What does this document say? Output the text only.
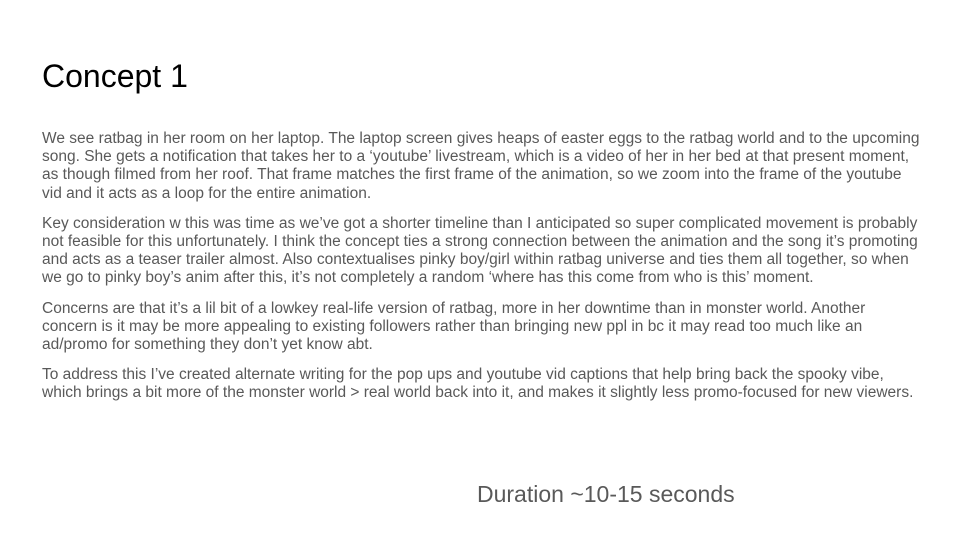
Concept 1

We see ratbag in her room on her laptop. The laptop screen gives heaps of easter eggs to the ratbag world and to the upcoming song. She gets a notification that takes her to a ‘youtube’ livestream, which is a video of her in her bed at that present moment, as though filmed from her roof. That frame matches the first frame of the animation, so we zoom into the frame of the youtube vid and it acts as a loop for the entire animation.

Key consideration w this was time as we’ve got a shorter timeline than I anticipated so super complicated movement is probably not feasible for this unfortunately. I think the concept ties a strong connection between the animation and the song it’s promoting and acts as a teaser trailer almost. Also contextualises pinky boy/girl within ratbag universe and ties them all together, so when we go to pinky boy’s anim after this, it’s not completely a random ‘where has this come from who is this’ moment.

Concerns are that it’s a lil bit of a lowkey real-life version of ratbag, more in her downtime than in monster world. Another concern is it may be more appealing to existing followers rather than bringing new ppl in bc it may read too much like an ad/promo for something they don’t yet know abt.

To address this I’ve created alternate writing for the pop ups and youtube vid captions that help bring back the spooky vibe, which brings a bit more of the monster world > real world back into it, and makes it slightly less promo-focused for new viewers.

Duration ~10-15 seconds
